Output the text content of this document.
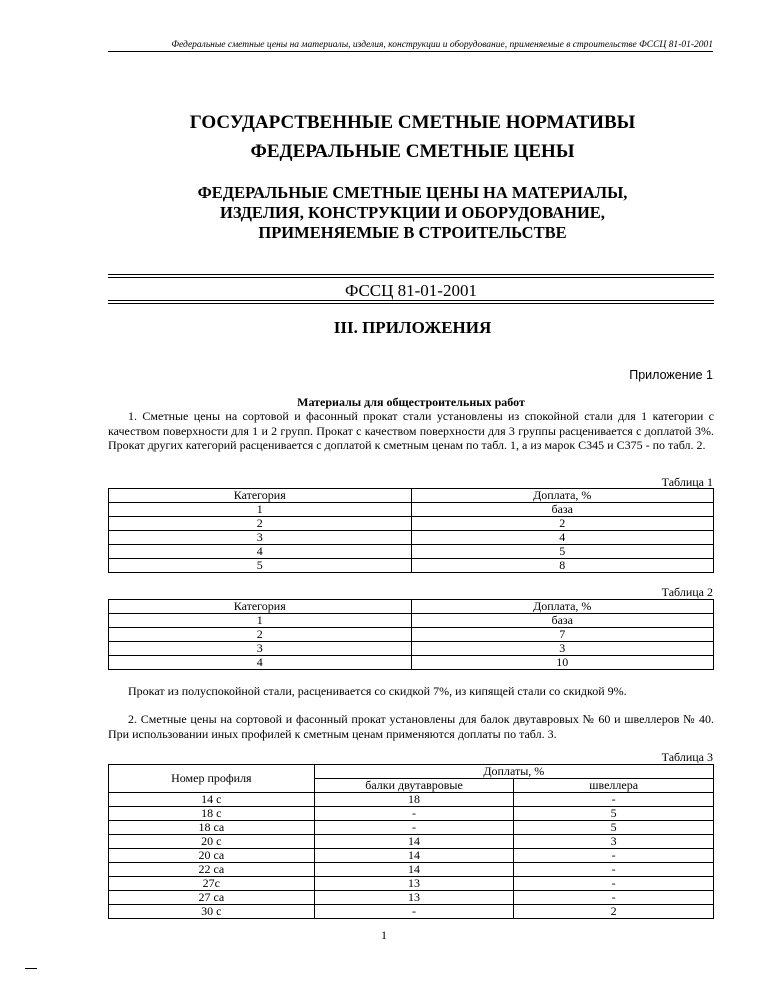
Федеральные сметные цены на материалы, изделия, конструкции и оборудование, применяемые в строительстве ФССЦ 81-01-2001
ГОСУДАРСТВЕННЫЕ СМЕТНЫЕ НОРМАТИВЫ
ФЕДЕРАЛЬНЫЕ СМЕТНЫЕ ЦЕНЫ
ФЕДЕРАЛЬНЫЕ СМЕТНЫЕ ЦЕНЫ НА МАТЕРИАЛЫ,
ИЗДЕЛИЯ, КОНСТРУКЦИИ И ОБОРУДОВАНИЕ,
ПРИМЕНЯЕМЫЕ В СТРОИТЕЛЬСТВЕ
ФССЦ 81-01-2001
III. ПРИЛОЖЕНИЯ
Приложение 1
Материалы для общестроительных работ
1. Сметные цены на сортовой и фасонный прокат стали установлены из спокойной стали для 1 категории с качеством поверхности для 1 и 2 групп. Прокат с качеством поверхности для 3 группы расценивается с доплатой 3%. Прокат других категорий расценивается с доплатой к сметным ценам по табл. 1, а из марок С345 и С375 - по табл. 2.
Таблица 1
Категория	Доплата, %
1	база
2	2
3	4
4	5
5	8
Таблица 2
Категория	Доплата, %
1	база
2	7
3	3
4	10
Прокат из полуспокойной стали, расценивается со скидкой 7%, из кипящей стали со скидкой 9%.
2. Сметные цены на сортовой и фасонный прокат установлены для балок двутавровых № 60 и швеллеров № 40. При использовании иных профилей к сметным ценам применяются доплаты по табл. 3.
Таблица 3
Номер профиля	Доплаты, %	
	балки двутавровые	швеллера
14 с	18	-
18 с	-	5
18 са	-	5
20 с	14	3
20 са	14	-
22 са	14	-
27с	13	-
27 са	13	-
30 с	-	2
1
